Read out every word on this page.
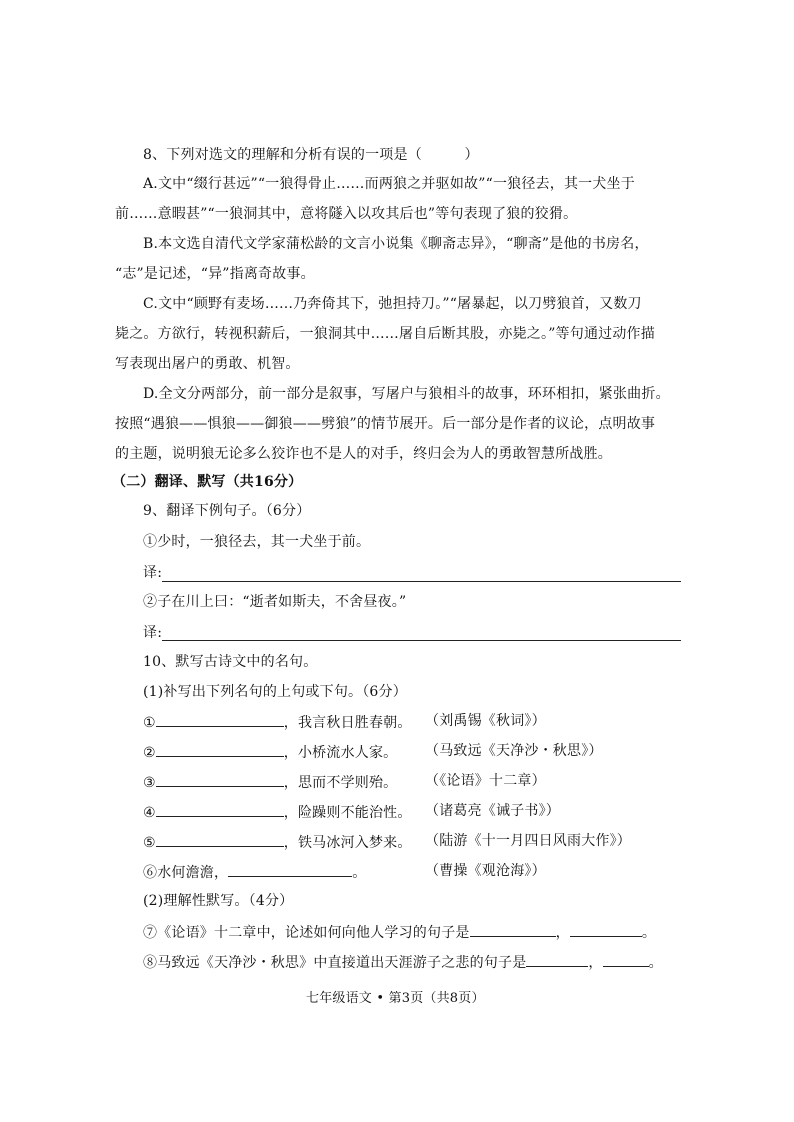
8、下列对选文的理解和分析有误的一项是（　　　）
A.文中“缀行甚远”“一狼得骨止……而两狼之并驱如故”“一狼径去，其一犬坐于
前……意暇甚”“一狼洞其中，意将隧入以攻其后也”等句表现了狼的狡猾。
B.本文选自清代文学家蒲松龄的文言小说集《聊斋志异》，“聊斋”是他的书房名，
“志”是记述，“异”指离奇故事。
C.文中“顾野有麦场……乃奔倚其下，弛担持刀。”“屠暴起，以刀劈狼首，又数刀
毙之。方欲行，转视积薪后，一狼洞其中……屠自后断其股，亦毙之。”等句通过动作描
写表现出屠户的勇敢、机智。
D.全文分两部分，前一部分是叙事，写屠户与狼相斗的故事，环环相扣，紧张曲折。
按照“遇狼——惧狼——御狼——劈狼”的情节展开。后一部分是作者的议论，点明故事
的主题，说明狼无论多么狡诈也不是人的对手，终归会为人的勇敢智慧所战胜。
（二）翻译、默写（共16分）
9、翻译下例句子。（6分）
①少时，一狼径去，其一犬坐于前。
译:
②子在川上曰：“逝者如斯夫，不舍昼夜。”
译:
10、默写古诗文中的名句。
(1)补写出下列名句的上句或下句。（6分）
①	，我言秋日胜春朝。 （刘禹锡《秋词》）
②	，小桥流水人家。 （马致远《天净沙・秋思》）
③	，思而不学则殆。 （《论语》十二章）
④	，险躁则不能治性。 （诸葛亮《诫子书》）
⑤	，铁马冰河入梦来。 （陆游《十一月四日风雨大作》）
⑥水何澹澹，	。	（曹操《观沧海》）
(2)理解性默写。（4分）
⑦《论语》十二章中，论述如何向他人学习的句子是	，	。
⑧马致远《天净沙・秋思》中直接道出天涯游子之悲的句子是	，	。
七年级语文 • 第3页（共8页）
